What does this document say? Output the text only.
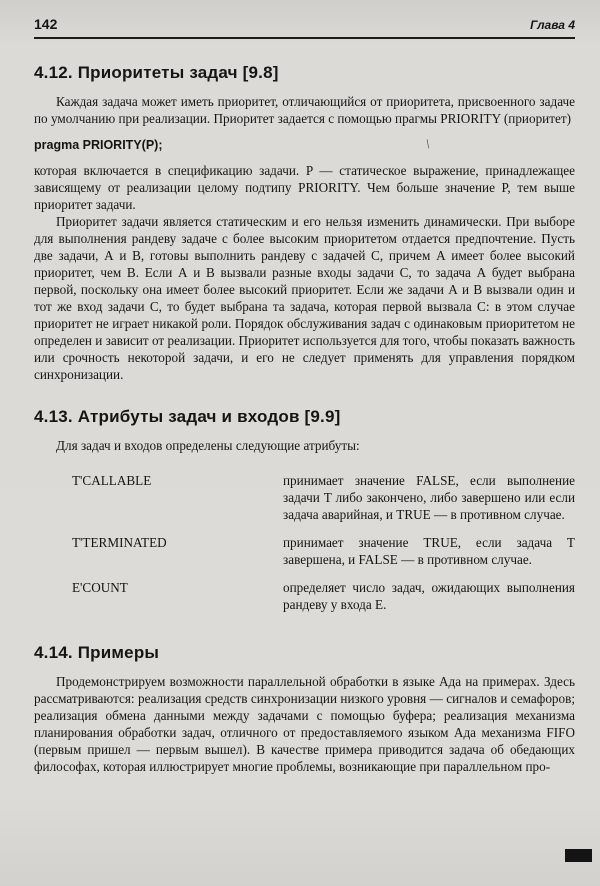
142	Глава 4
4.12. Приоритеты задач [9.8]

Каждая задача может иметь приоритет, отличающийся от приоритета, присвоенного задаче по умолчанию при реализации. Приоритет задается с помощью прагмы PRIORITY (приоритет)

pragma PRIORITY(P);	\

которая включается в спецификацию задачи. P — статическое выражение, принадлежащее зависящему от реализации целому подтипу PRIORITY. Чем больше значение P, тем выше приоритет задачи.

Приоритет задачи является статическим и его нельзя изменить динамически. При выборе для выполнения рандеву задаче с более высоким приоритетом отдается предпочтение. Пусть две задачи, А и В, готовы выполнить рандеву с задачей С, причем А имеет более высокий приоритет, чем В. Если А и В вызвали разные входы задачи С, то задача А будет выбрана первой, поскольку она имеет более высокий приоритет. Если же задачи А и В вызвали один и тот же вход задачи С, то будет выбрана та задача, которая первой вызвала С: в этом случае приоритет не играет никакой роли. Порядок обслуживания задач с одинаковым приоритетом не определен и зависит от реализации. Приоритет используется для того, чтобы показать важность или срочность некоторой задачи, и его не следует применять для управления порядком синхронизации.

4.13. Атрибуты задач и входов [9.9]

Для задач и входов определены следующие атрибуты:

T'CALLABLE	принимает значение FALSE, если выполнение задачи T либо закончено, либо завершено или если задача аварийная, и TRUE — в противном случае.

T'TERMINATED	принимает значение TRUE, если задача T завершена, и FALSE — в противном случае.

E'COUNT	определяет число задач, ожидающих выполнения рандеву у входа E.

4.14. Примеры

Продемонстрируем возможности параллельной обработки в языке Ада на примерах. Здесь рассматриваются: реализация средств синхронизации низкого уровня — сигналов и семафоров; реализация обмена данными между задачами с помощью буфера; реализация механизма планирования обработки задач, отличного от предоставляемого языком Ада механизма FIFO (первым пришел — первым вышел). В качестве примера приводится задача об обедающих философах, которая иллюстрирует многие проблемы, возникающие при параллельном про-
